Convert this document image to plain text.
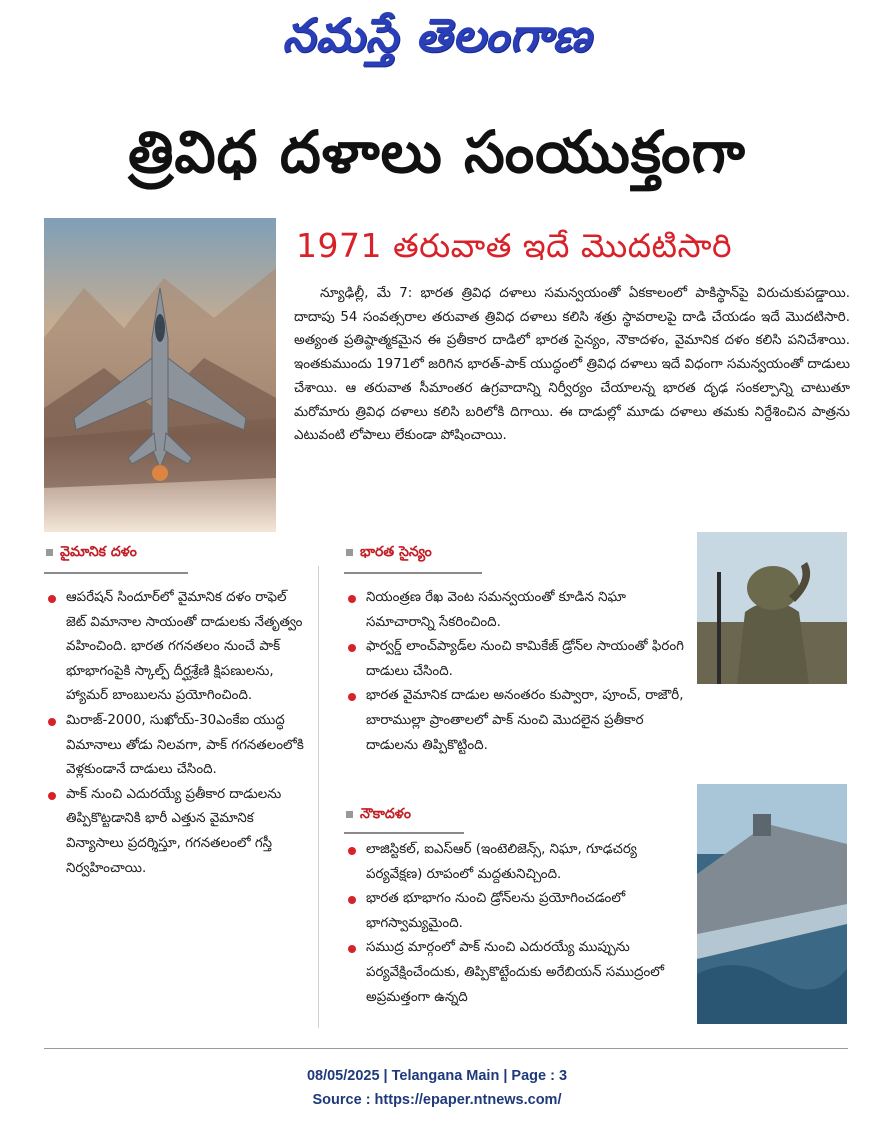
నమస్తే తెలంగాణ
త్రివిధ దళాలు సంయుక్తంగా
1971 తరువాత ఇదే మొదటిసారి
న్యూఢిల్లీ, మే 7: భారత త్రివిధ దళాలు సమన్వయంతో ఏకకాలంలో పాకిస్థాన్‌పై విరుచుకుపడ్డాయి. దాదాపు 54 సంవత్సరాల తరువాత త్రివిధ దళాలు కలిసి శత్రు స్థావరాలపై దాడి చేయడం ఇదే మొదటిసారి. అత్యంత ప్రతిష్ఠాత్మకమైన ఈ ప్రతీకార దాడిలో భారత సైన్యం, నౌకాదళం, వైమానిక దళం కలిసి పనిచేశాయి. ఇంతకుముందు 1971లో జరిగిన భారత్‌-పాక్‌ యుద్ధంలో త్రివిధ దళాలు ఇదే విధంగా సమన్వయంతో దాడులు చేశాయి. ఆ తరువాత సీమాంతర ఉగ్రవాదాన్ని నిర్వీర్యం చేయాలన్న భారత దృఢ సంకల్పాన్ని చాటుతూ మరోమారు త్రివిధ దళాలు కలిసి బరిలోకి దిగాయి. ఈ దాడుల్లో మూడు దళాలు తమకు నిర్దేశించిన పాత్రను ఎటువంటి లోపాలు లేకుండా పోషించాయి.
వైమానిక దళం
ఆపరేషన్‌ సిందూర్‌లో వైమానిక దళం రాఫెల్‌ జెట్‌ విమానాల సాయంతో దాడులకు నేతృత్వం వహించింది. భారత గగనతలం నుంచే పాక్‌ భూభాగంపైకి స్కాల్ప్‌ దీర్ఘశ్రేణి క్షిపణులను, హ్యామర్‌ బాంబులను ప్రయోగించింది.
మిరాజ్‌-2000, సుఖోయ్‌-30ఎంకేఐ యుద్ధ విమానాలు తోడు నిలవగా, పాక్‌ గగనతలంలోకి వెళ్లకుండానే దాడులు చేసింది.
పాక్‌ నుంచి ఎదురయ్యే ప్రతీకార దాడులను తిప్పికొట్టడానికి భారీ ఎత్తున వైమానిక విన్యాసాలు ప్రదర్శిస్తూ, గగనతలంలో గస్తీ నిర్వహించాయి.
భారత సైన్యం
నియంత్రణ రేఖ వెంట సమన్వయంతో కూడిన నిఘా సమాచారాన్ని సేకరించింది.
ఫార్వర్డ్‌ లాంచ్‌ప్యాడ్‌ల నుంచి కామికేజ్‌ డ్రోన్‌ల సాయంతో ఫిరంగి దాడులు చేసింది.
భారత వైమానిక దాడుల అనంతరం కుప్వారా, పూంచ్‌, రాజౌరీ, బారాముల్లా ప్రాంతాలలో పాక్‌ నుంచి మొదలైన ప్రతీకార దాడులను తిప్పికొట్టింది.
నౌకాదళం
లాజిస్టికల్‌, ఐఎస్‌ఆర్‌ (ఇంటెలిజెన్స్‌, నిఘా, గూఢచర్య పర్యవేక్షణ) రూపంలో మద్దతునిచ్చింది.
భారత భూభాగం నుంచి డ్రోన్‌లను ప్రయోగించడంలో భాగస్వామ్యమైంది.
సముద్ర మార్గంలో పాక్‌ నుంచి ఎదురయ్యే ముప్పును పర్యవేక్షించేందుకు, తిప్పికొట్టేందుకు అరేబియన్‌ సముద్రంలో అప్రమత్తంగా ఉన్నది
08/05/2025 | Telangana Main | Page : 3
Source : https://epaper.ntnews.com/
